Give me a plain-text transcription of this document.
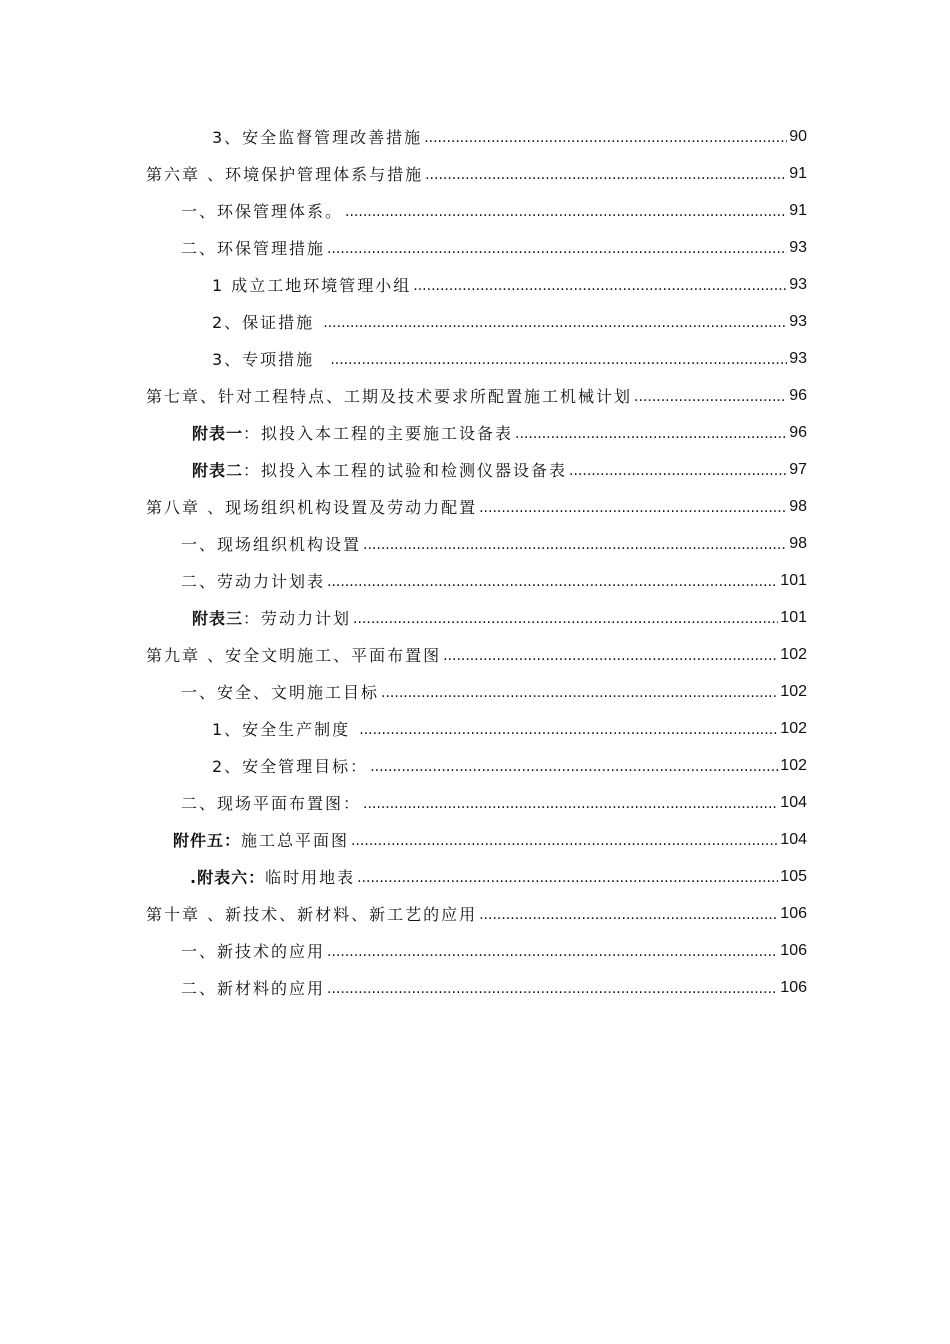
3、安全监督管理改善措施 .....	90
第六章 、环境保护管理体系与措施 .....	91
一、环保管理体系。 .....	91
二、环保管理措施 .....	93
1 成立工地环境管理小组 .....	93
2、保证措施 .....	93
3、专项措施 .....	93
第七章、针对工程特点、工期及技术要求所配置施工机械计划 .....	96
附表一：拟投入本工程的主要施工设备表 .....	96
附表二：拟投入本工程的试验和检测仪器设备表 .....	97
第八章 、现场组织机构设置及劳动力配置 .....	98
一、现场组织机构设置 .....	98
二、劳动力计划表 .....	101
附表三：劳动力计划 .....	101
第九章 、安全文明施工、平面布置图 .....	102
一、安全、文明施工目标 .....	102
1、安全生产制度 .....	102
2、安全管理目标： .....	102
二、现场平面布置图： .....	104
附件五：施工总平面图 .....	104
.附表六：临时用地表 .....	105
第十章 、新技术、新材料、新工艺的应用 .....	106
一、新技术的应用 .....	106
二、新材料的应用 .....	106
